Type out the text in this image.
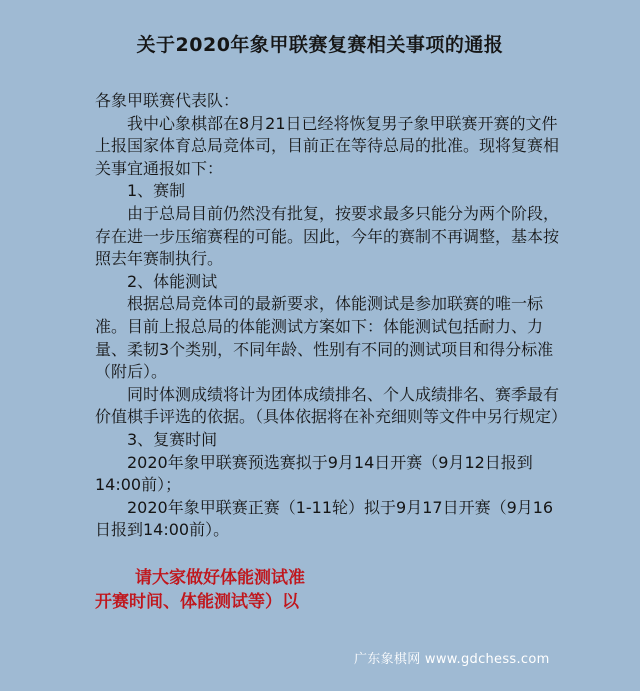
关于2020年象甲联赛复赛相关事项的通报

各象甲联赛代表队：

我中心象棋部在8月21日已经将恢复男子象甲联赛开赛的文件上报国家体育总局竞体司，目前正在等待总局的批准。现将复赛相关事宜通报如下：

1、赛制

由于总局目前仍然没有批复，按要求最多只能分为两个阶段，存在进一步压缩赛程的可能。因此，今年的赛制不再调整，基本按照去年赛制执行。

2、体能测试

根据总局竞体司的最新要求，体能测试是参加联赛的唯一标准。目前上报总局的体能测试方案如下：体能测试包括耐力、力量、柔韧3个类别，不同年龄、性别有不同的测试项目和得分标准（附后）。

同时体测成绩将计为团体成绩排名、个人成绩排名、赛季最有价值棋手评选的依据。（具体依据将在补充细则等文件中另行规定）

3、复赛时间

2020年象甲联赛预选赛拟于9月14日开赛（9月12日报到14:00前）；

2020年象甲联赛正赛（1-11轮）拟于9月17日开赛（9月16日报到14:00前）。

请大家做好体能测试准
开赛时间、体能测试等）以
广东象棋网 www.gdchess.com
